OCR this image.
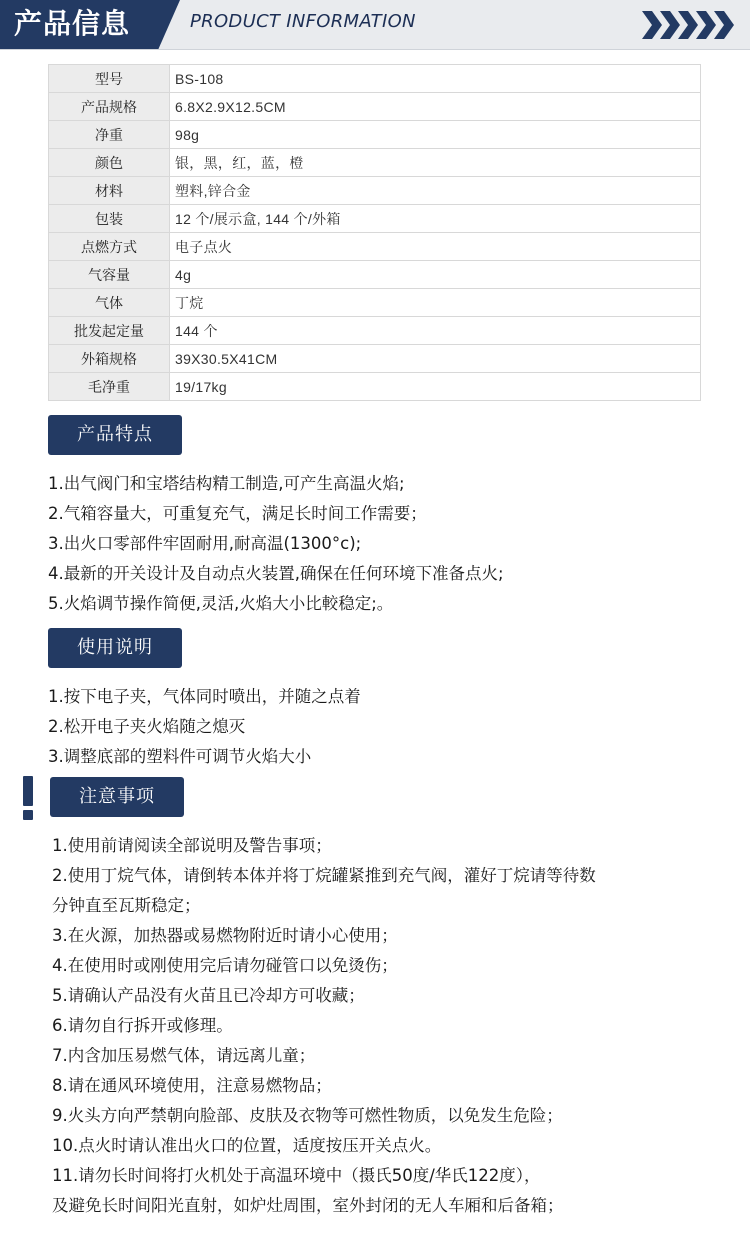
产品信息	PRODUCT INFORMATION
型号	BS-108
产品规格	6.8X2.9X12.5CM
净重	98g
颜色	银，黑，红，蓝，橙
材料	塑料,锌合金
包装	12 个/展示盒, 144 个/外箱
点燃方式	电子点火
气容量	4g
气体	丁烷
批发起定量	144 个
外箱规格	39X30.5X41CM
毛净重	19/17kg
产品特点
1.出气阀门和宝塔结构精工制造,可产生高温火焰;
2.气箱容量大，可重复充气，满足长时间工作需要；
3.出火口零部件牢固耐用,耐高温(1300°c);
4.最新的开关设计及自动点火装置,确保在任何环境下准备点火;
5.火焰调节操作简便,灵活,火焰大小比較稳定;。
使用说明
1.按下电子夹，气体同时喷出，并随之点着
2.松开电子夹火焰随之熄灭
3.调整底部的塑料件可调节火焰大小
注意事项
1.使用前请阅读全部说明及警告事项；
2.使用丁烷气体，请倒转本体并将丁烷罐紧推到充气阀，灌好丁烷请等待数
分钟直至瓦斯稳定；
3.在火源，加热器或易燃物附近时请小心使用；
4.在使用时或刚使用完后请勿碰管口以免烫伤；
5.请确认产品没有火苗且已冷却方可收藏；
6.请勿自行拆开或修理。
7.内含加压易燃气体，请远离儿童；
8.请在通风环境使用，注意易燃物品；
9.火头方向严禁朝向脸部、皮肤及衣物等可燃性物质，以免发生危险；
10.点火时请认准出火口的位置，适度按压开关点火。
11.请勿长时间将打火机处于高温环境中（摄氏50度/华氏122度），
及避免长时间阳光直射，如炉灶周围，室外封闭的无人车厢和后备箱；
